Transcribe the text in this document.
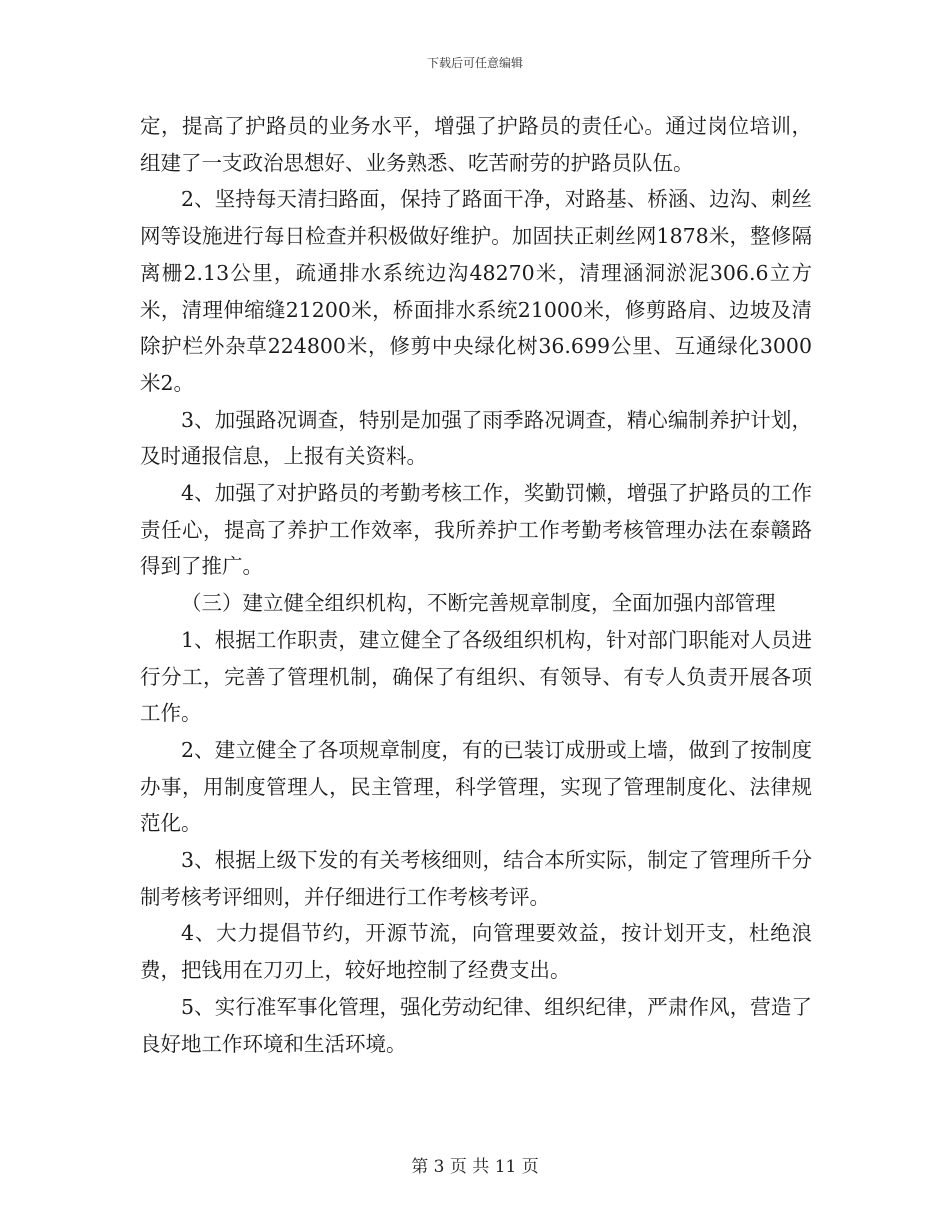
下载后可任意编辑

定，提高了护路员的业务水平，增强了护路员的责任心。通过岗位培训，组建了一支政治思想好、业务熟悉、吃苦耐劳的护路员队伍。

2、坚持每天清扫路面，保持了路面干净，对路基、桥涵、边沟、刺丝网等设施进行每日检查并积极做好维护。加固扶正刺丝网1878米，整修隔离栅2.13公里，疏通排水系统边沟48270米，清理涵洞淤泥306.6立方米，清理伸缩缝21200米，桥面排水系统21000米，修剪路肩、边坡及清除护栏外杂草224800米，修剪中央绿化树36.699公里、互通绿化3000米2。

3、加强路况调查，特别是加强了雨季路况调查，精心编制养护计划，及时通报信息，上报有关资料。

4、加强了对护路员的考勤考核工作，奖勤罚懒，增强了护路员的工作责任心，提高了养护工作效率，我所养护工作考勤考核管理办法在泰赣路得到了推广。

（三）建立健全组织机构，不断完善规章制度，全面加强内部管理

1、根据工作职责，建立健全了各级组织机构，针对部门职能对人员进行分工，完善了管理机制，确保了有组织、有领导、有专人负责开展各项工作。

2、建立健全了各项规章制度，有的已装订成册或上墙，做到了按制度办事，用制度管理人，民主管理，科学管理，实现了管理制度化、法律规范化。

3、根据上级下发的有关考核细则，结合本所实际，制定了管理所千分制考核考评细则，并仔细进行工作考核考评。

4、大力提倡节约，开源节流，向管理要效益，按计划开支，杜绝浪费，把钱用在刀刃上，较好地控制了经费支出。

5、实行准军事化管理，强化劳动纪律、组织纪律，严肃作风，营造了良好地工作环境和生活环境。

第 3 页 共 11 页
